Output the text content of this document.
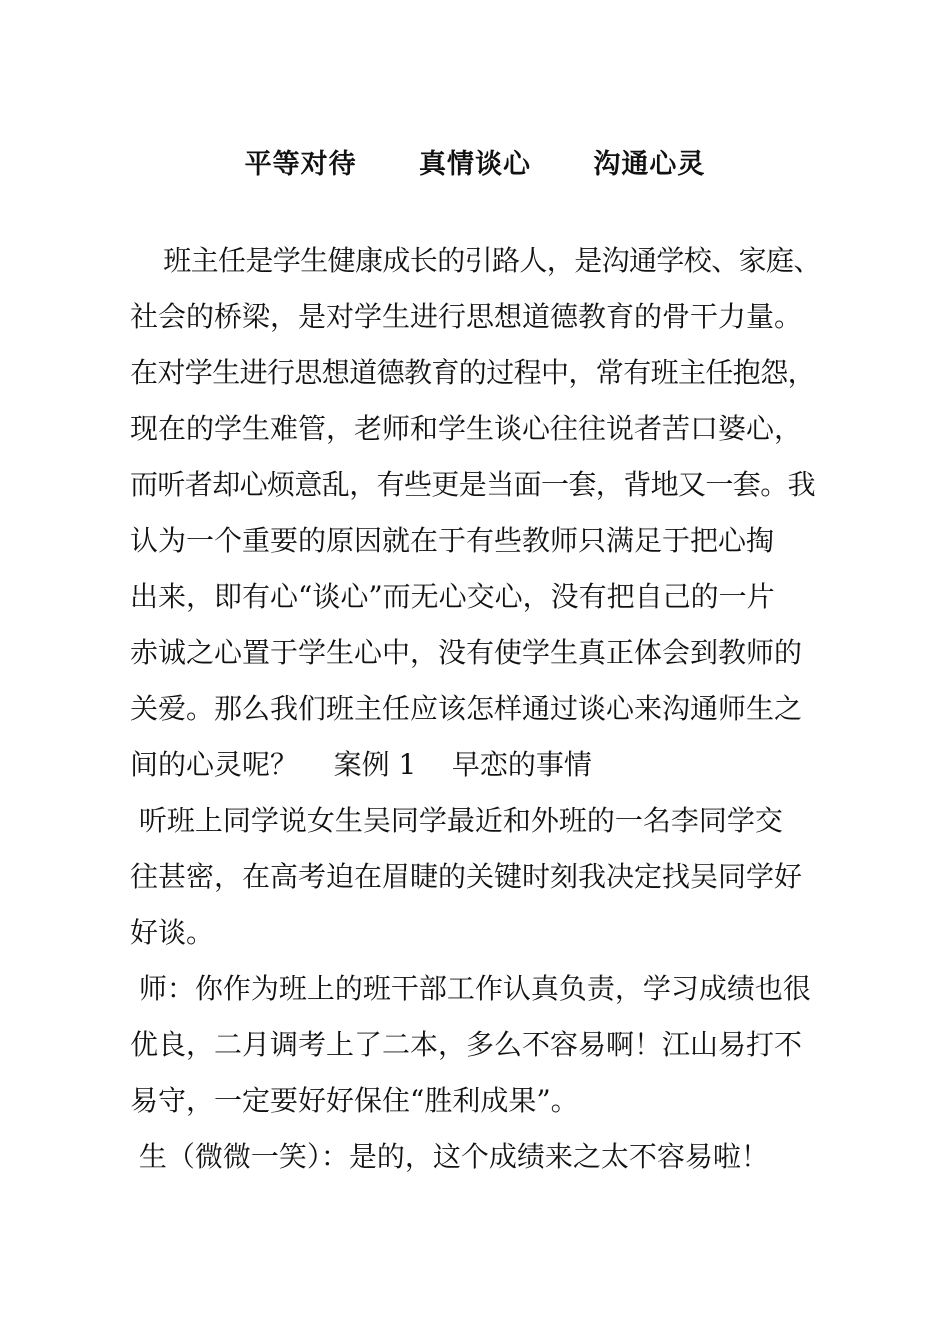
平等对待      真情谈心      沟通心灵
班主任是学生健康成长的引路人，是沟通学校、家庭、
社会的桥梁，是对学生进行思想道德教育的骨干力量。
在对学生进行思想道德教育的过程中，常有班主任抱怨，
现在的学生难管，老师和学生谈心往往说者苦口婆心，
而听者却心烦意乱，有些更是当面一套，背地又一套。我
认为一个重要的原因就在于有些教师只满足于把心掏
出来，即有心“谈心”而无心交心，没有把自己的一片
赤诚之心置于学生心中，没有使学生真正体会到教师的
关爱。那么我们班主任应该怎样通过谈心来沟通师生之
间的心灵呢？    案例 1    早恋的事情
听班上同学说女生吴同学最近和外班的一名李同学交
往甚密，在高考迫在眉睫的关键时刻我决定找吴同学好
好谈。
师：你作为班上的班干部工作认真负责，学习成绩也很
优良，二月调考上了二本，多么不容易啊！江山易打不
易守，一定要好好保住“胜利成果”。
生（微微一笑）：是的，这个成绩来之太不容易啦！
